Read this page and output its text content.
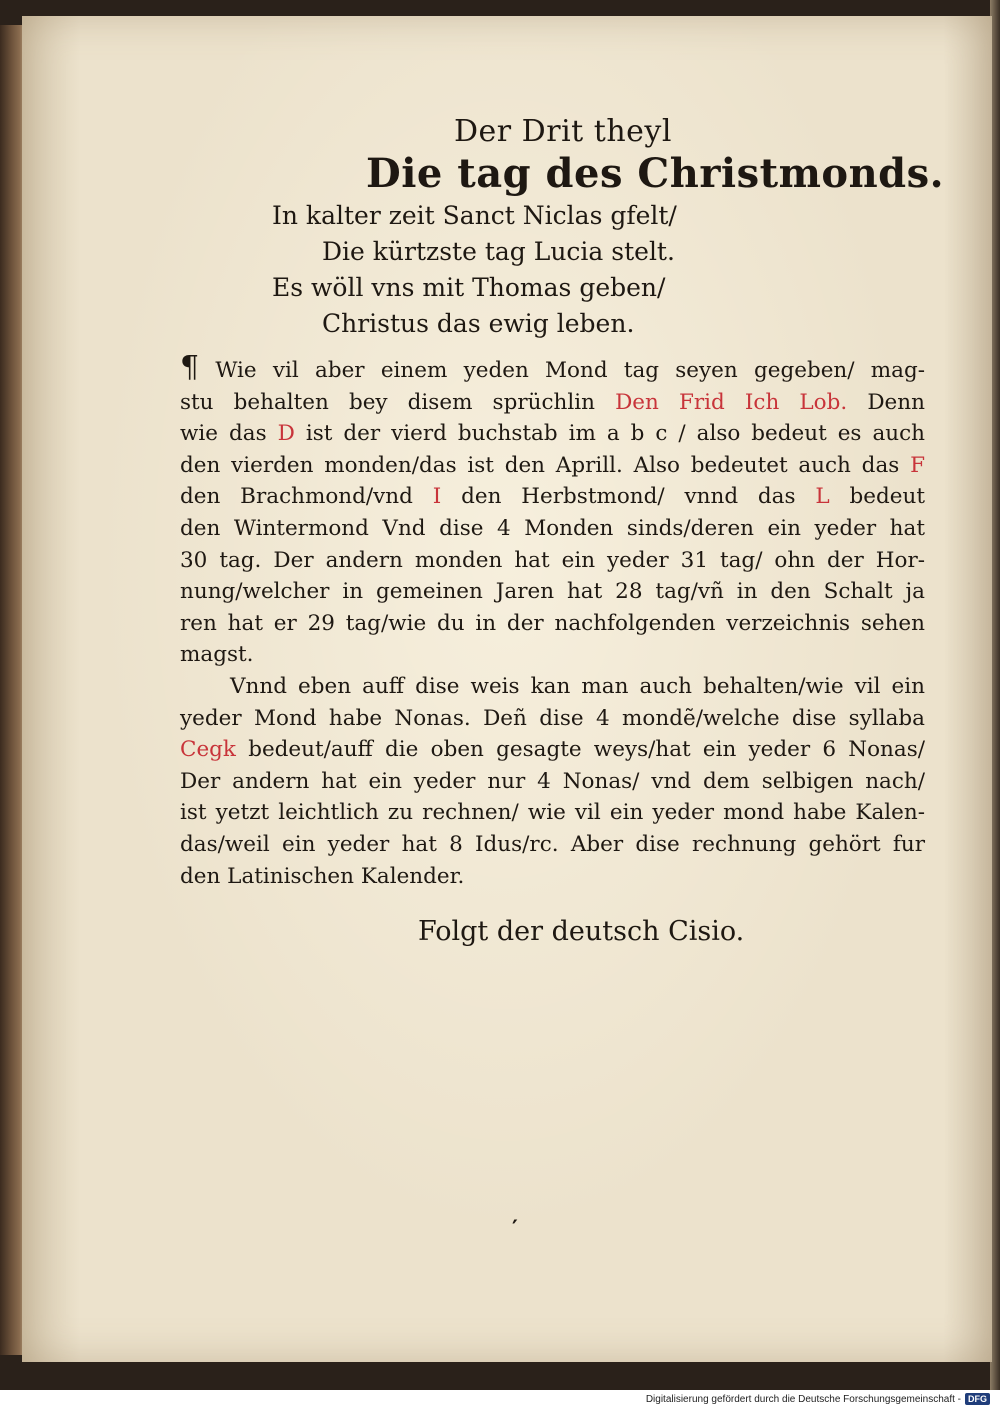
Der Drit theyl
Die tag des Christmonds.
In kalter zeit Sanct Niclas gfelt/
Die kürtzste tag Lucia stelt.
Es wöll vns mit Thomas geben/
Christus das ewig leben.
¶ Wie vil aber einem yeden Mond tag seyen gegeben/ mag-
stu behalten bey disem sprüchlin Den Frid Ich Lob. Denn
wie das D ist der vierd buchstab im a b c / also bedeut es auch
den vierden monden/das ist den Aprill. Also bedeutet auch das F
den Brachmond/vnd I den Herbstmond/ vnnd das L bedeut
den Wintermond Vnd dise 4 Monden sinds/deren ein yeder hat
30 tag. Der andern monden hat ein yeder 31 tag/ ohn der Hor-
nung/welcher in gemeinen Jaren hat 28 tag/vñ in den Schalt ja
ren hat er 29 tag/wie du in der nachfolgenden verzeichnis sehen
magst.
Vnnd eben auff dise weis kan man auch behalten/wie vil ein
yeder Mond habe Nonas. Deñ dise 4 mondẽ/welche dise syllaba
Cegk bedeut/auff die oben gesagte weys/hat ein yeder 6 Nonas/
Der andern hat ein yeder nur 4 Nonas/ vnd dem selbigen nach/
ist yetzt leichtlich zu rechnen/ wie vil ein yeder mond habe Kalen-
das/weil ein yeder hat 8 Idus/rc. Aber dise rechnung gehört fur
den Latinischen Kalender.
Folgt der deutsch Cisio.
′
Digitalisierung gefördert durch die Deutsche Forschungsgemeinschaft - DFG
